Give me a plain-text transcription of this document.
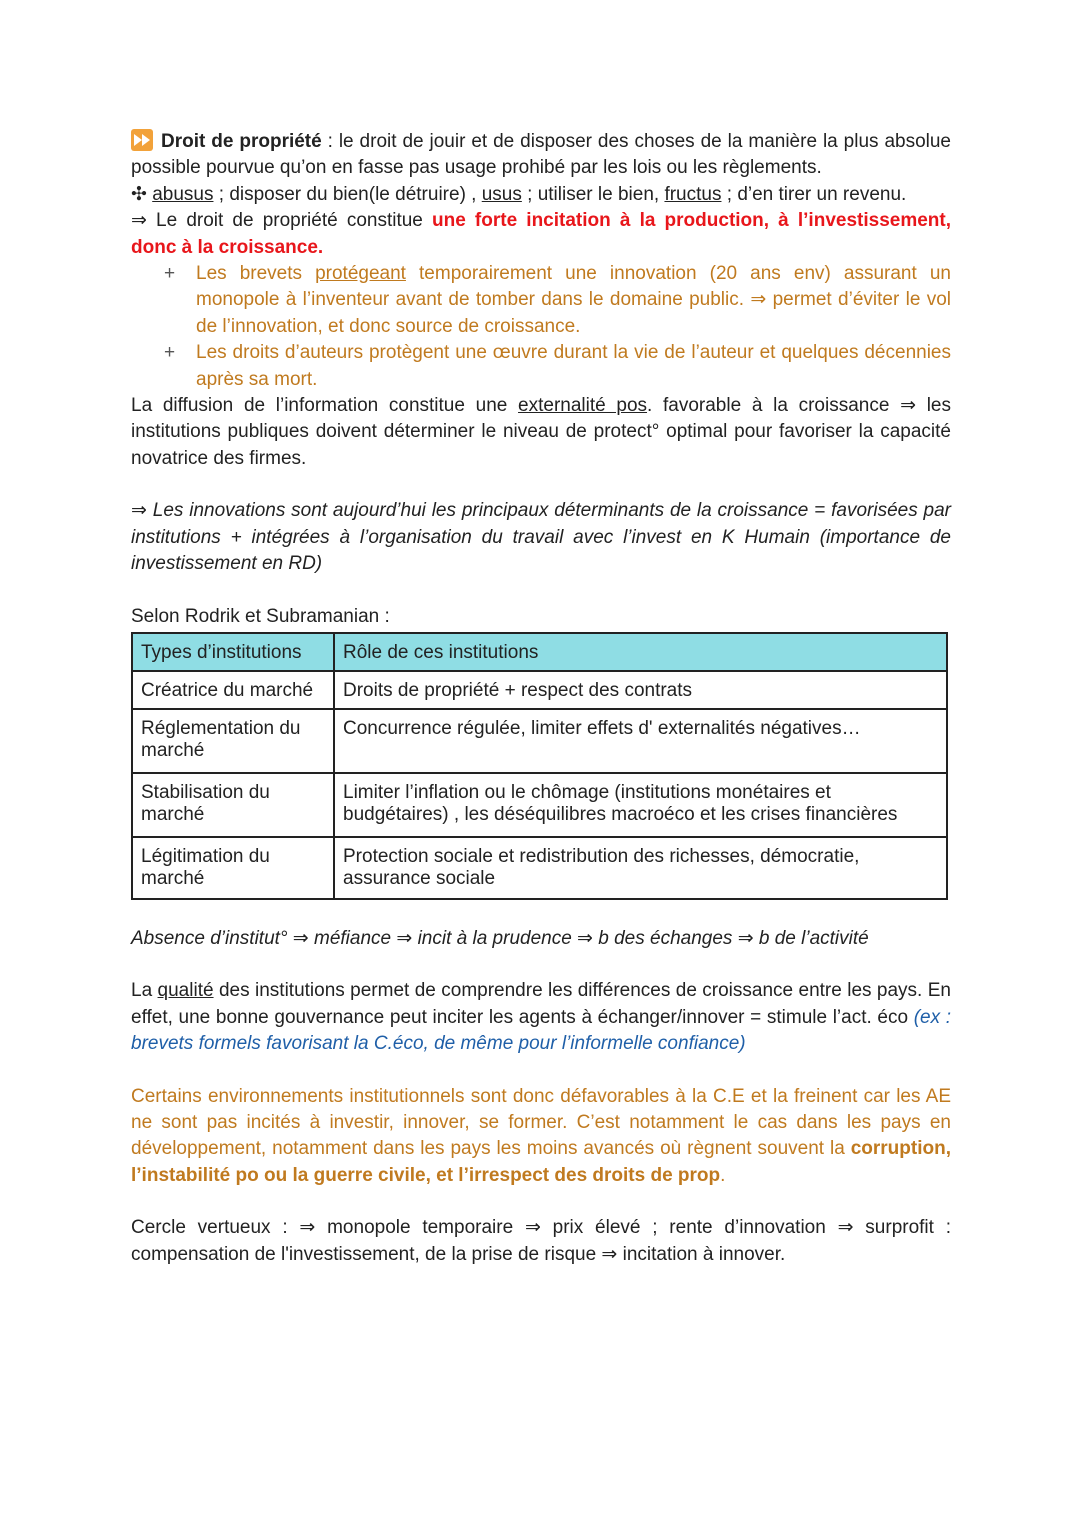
Droit de propriété : le droit de jouir et de disposer des choses de la manière la plus absolue possible pourvue qu’on en fasse pas usage prohibé par les lois ou les règlements.

✣ abusus ; disposer du bien(le détruire) , usus ; utiliser le bien, fructus ; d’en tirer un revenu.

⇒ Le droit de propriété constitue une forte incitation à la production, à l’investissement, donc à la croissance.

+	Les brevets protégeant temporairement une innovation (20 ans env) assurant un monopole à l’inventeur avant de tomber dans le domaine public. ⇒ permet d’éviter le vol de l’innovation, et donc source de croissance.
+	Les droits d’auteurs protègent une œuvre durant la vie de l’auteur et quelques décennies après sa mort.

La diffusion de l’information constitue une externalité pos. favorable à la croissance ⇒ les institutions publiques doivent déterminer le niveau de protect° optimal pour favoriser la capacité novatrice des firmes.

⇒ Les innovations sont aujourd’hui les principaux déterminants de la croissance = favorisées par institutions + intégrées à l’organisation du travail avec l’invest en K Humain (importance de investissement en RD)

Selon Rodrik et Subramanian :

Types d’institutions	Rôle de ces institutions
Créatrice du marché	Droits de propriété + respect des contrats
Réglementation du marché	Concurrence régulée, limiter effets d' externalités négatives…
Stabilisation du marché	Limiter l’inflation ou le chômage (institutions monétaires et budgétaires) , les déséquilibres macroéco et les crises financières
Légitimation du marché	Protection sociale et redistribution des richesses, démocratie, assurance sociale

Absence d’institut° ⇒ méfiance ⇒ incit à la prudence ⇒ b des échanges ⇒ b de l’activité

La qualité des institutions permet de comprendre les différences de croissance entre les pays. En effet, une bonne gouvernance peut inciter les agents à échanger/innover = stimule l’act. éco (ex : brevets formels favorisant la C.éco, de même pour l’informelle confiance)

Certains environnements institutionnels sont donc défavorables à la C.E et la freinent car les AE ne sont pas incités à investir, innover, se former. C’est notamment le cas dans les pays en développement, notamment dans les pays les moins avancés où règnent souvent la corruption, l’instabilité po ou la guerre civile, et l’irrespect des droits de prop.

Cercle vertueux : ⇒ monopole temporaire ⇒ prix élevé ; rente d’innovation ⇒ surprofit : compensation de l'investissement, de la prise de risque ⇒ incitation à innover.
